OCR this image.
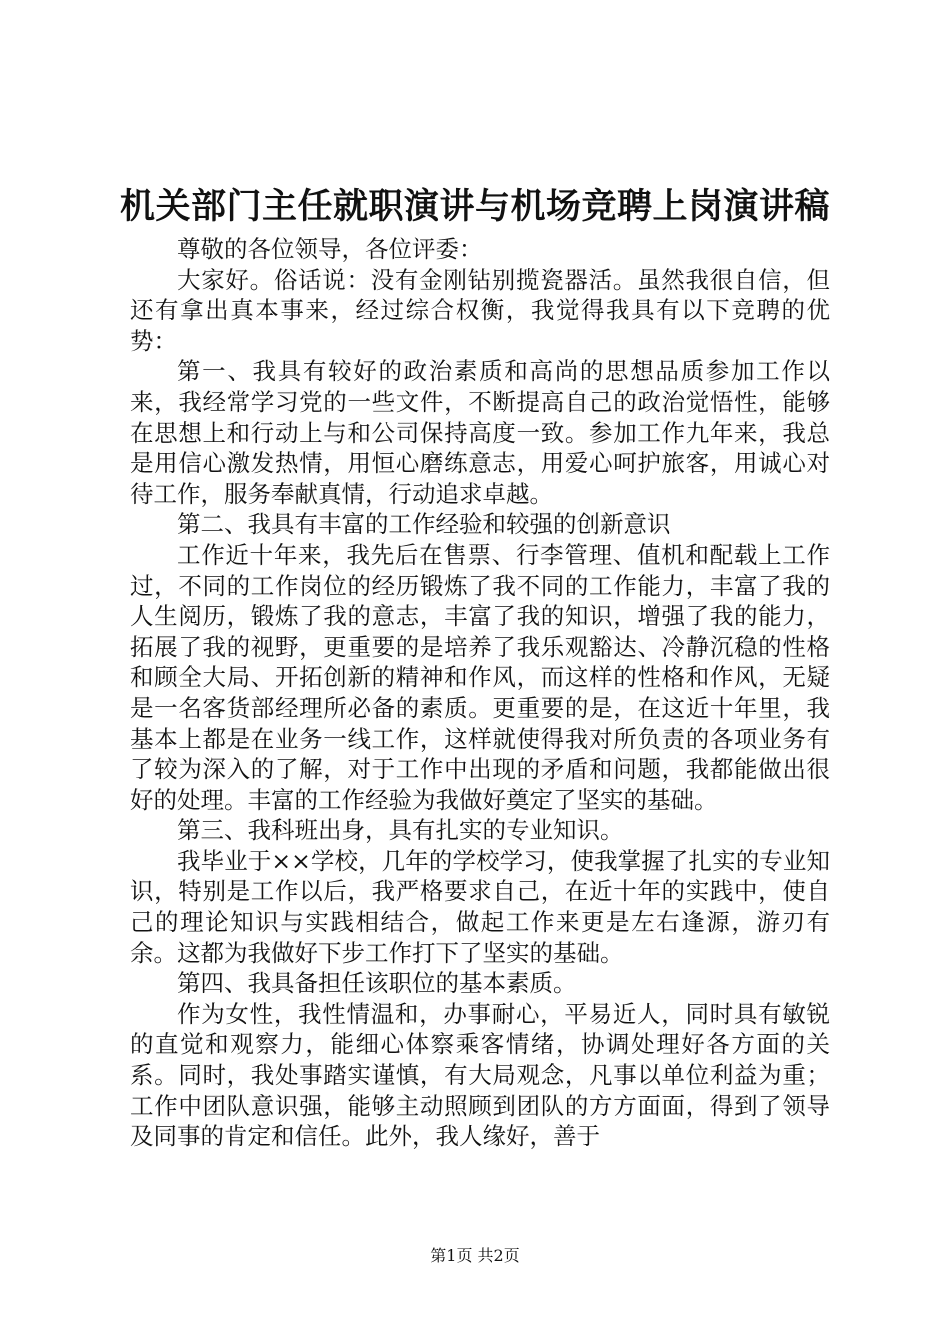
机关部门主任就职演讲与机场竞聘上岗演讲稿

尊敬的各位领导，各位评委：

大家好。俗话说：没有金刚钻别揽瓷器活。虽然我很自信，但还有拿出真本事来，经过综合权衡，我觉得我具有以下竞聘的优势：

第一、我具有较好的政治素质和高尚的思想品质参加工作以来，我经常学习党的一些文件，不断提高自己的政治觉悟性，能够在思想上和行动上与和公司保持高度一致。参加工作九年来，我总是用信心激发热情，用恒心磨练意志，用爱心呵护旅客，用诚心对待工作，服务奉献真情，行动追求卓越。

第二、我具有丰富的工作经验和较强的创新意识

工作近十年来，我先后在售票、行李管理、值机和配载上工作过，不同的工作岗位的经历锻炼了我不同的工作能力，丰富了我的人生阅历，锻炼了我的意志，丰富了我的知识，增强了我的能力，拓展了我的视野，更重要的是培养了我乐观豁达、冷静沉稳的性格和顾全大局、开拓创新的精神和作风，而这样的性格和作风，无疑是一名客货部经理所必备的素质。更重要的是，在这近十年里，我基本上都是在业务一线工作，这样就使得我对所负责的各项业务有了较为深入的了解，对于工作中出现的矛盾和问题，我都能做出很好的处理。丰富的工作经验为我做好奠定了坚实的基础。

第三、我科班出身，具有扎实的专业知识。

我毕业于××学校，几年的学校学习，使我掌握了扎实的专业知识，特别是工作以后，我严格要求自己，在近十年的实践中，使自己的理论知识与实践相结合，做起工作来更是左右逢源，游刃有余。这都为我做好下步工作打下了坚实的基础。

第四、我具备担任该职位的基本素质。

作为女性，我性情温和，办事耐心，平易近人，同时具有敏锐的直觉和观察力，能细心体察乘客情绪，协调处理好各方面的关系。同时，我处事踏实谨慎，有大局观念，凡事以单位利益为重；工作中团队意识强，能够主动照顾到团队的方方面面，得到了领导及同事的肯定和信任。此外，我人缘好，善于

第1页 共2页
